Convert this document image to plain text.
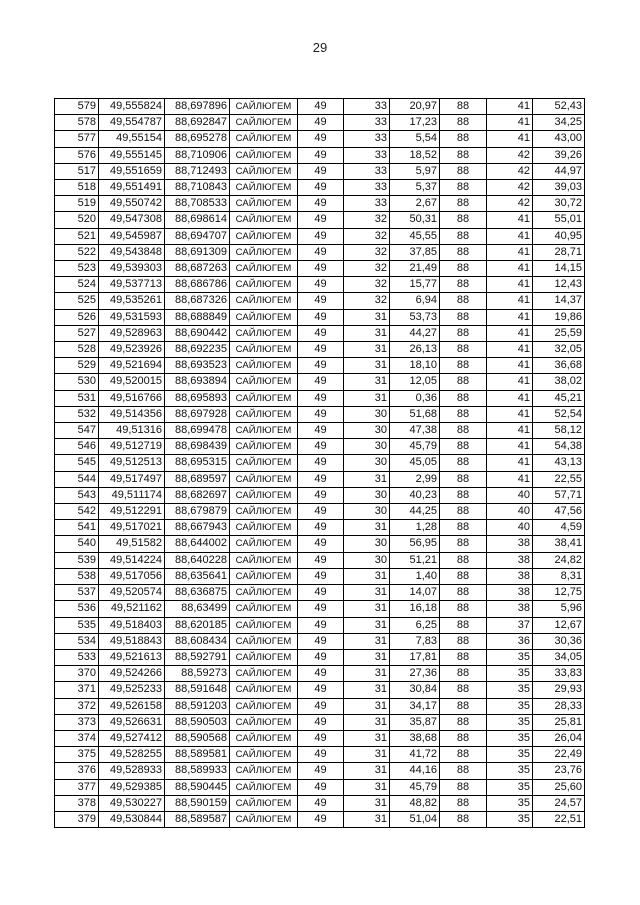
29
579	49,555824	88,697896	САЙЛЮГЕМ	49	33	20,97	88	41	52,43
578	49,554787	88,692847	САЙЛЮГЕМ	49	33	17,23	88	41	34,25
577	49,55154	88,695278	САЙЛЮГЕМ	49	33	5,54	88	41	43,00
576	49,555145	88,710906	САЙЛЮГЕМ	49	33	18,52	88	42	39,26
517	49,551659	88,712493	САЙЛЮГЕМ	49	33	5,97	88	42	44,97
518	49,551491	88,710843	САЙЛЮГЕМ	49	33	5,37	88	42	39,03
519	49,550742	88,708533	САЙЛЮГЕМ	49	33	2,67	88	42	30,72
520	49,547308	88,698614	САЙЛЮГЕМ	49	32	50,31	88	41	55,01
521	49,545987	88,694707	САЙЛЮГЕМ	49	32	45,55	88	41	40,95
522	49,543848	88,691309	САЙЛЮГЕМ	49	32	37,85	88	41	28,71
523	49,539303	88,687263	САЙЛЮГЕМ	49	32	21,49	88	41	14,15
524	49,537713	88,686786	САЙЛЮГЕМ	49	32	15,77	88	41	12,43
525	49,535261	88,687326	САЙЛЮГЕМ	49	32	6,94	88	41	14,37
526	49,531593	88,688849	САЙЛЮГЕМ	49	31	53,73	88	41	19,86
527	49,528963	88,690442	САЙЛЮГЕМ	49	31	44,27	88	41	25,59
528	49,523926	88,692235	САЙЛЮГЕМ	49	31	26,13	88	41	32,05
529	49,521694	88,693523	САЙЛЮГЕМ	49	31	18,10	88	41	36,68
530	49,520015	88,693894	САЙЛЮГЕМ	49	31	12,05	88	41	38,02
531	49,516766	88,695893	САЙЛЮГЕМ	49	31	0,36	88	41	45,21
532	49,514356	88,697928	САЙЛЮГЕМ	49	30	51,68	88	41	52,54
547	49,51316	88,699478	САЙЛЮГЕМ	49	30	47,38	88	41	58,12
546	49,512719	88,698439	САЙЛЮГЕМ	49	30	45,79	88	41	54,38
545	49,512513	88,695315	САЙЛЮГЕМ	49	30	45,05	88	41	43,13
544	49,517497	88,689597	САЙЛЮГЕМ	49	31	2,99	88	41	22,55
543	49,511174	88,682697	САЙЛЮГЕМ	49	30	40,23	88	40	57,71
542	49,512291	88,679879	САЙЛЮГЕМ	49	30	44,25	88	40	47,56
541	49,517021	88,667943	САЙЛЮГЕМ	49	31	1,28	88	40	4,59
540	49,51582	88,644002	САЙЛЮГЕМ	49	30	56,95	88	38	38,41
539	49,514224	88,640228	САЙЛЮГЕМ	49	30	51,21	88	38	24,82
538	49,517056	88,635641	САЙЛЮГЕМ	49	31	1,40	88	38	8,31
537	49,520574	88,636875	САЙЛЮГЕМ	49	31	14,07	88	38	12,75
536	49,521162	88,63499	САЙЛЮГЕМ	49	31	16,18	88	38	5,96
535	49,518403	88,620185	САЙЛЮГЕМ	49	31	6,25	88	37	12,67
534	49,518843	88,608434	САЙЛЮГЕМ	49	31	7,83	88	36	30,36
533	49,521613	88,592791	САЙЛЮГЕМ	49	31	17,81	88	35	34,05
370	49,524266	88,59273	САЙЛЮГЕМ	49	31	27,36	88	35	33,83
371	49,525233	88,591648	САЙЛЮГЕМ	49	31	30,84	88	35	29,93
372	49,526158	88,591203	САЙЛЮГЕМ	49	31	34,17	88	35	28,33
373	49,526631	88,590503	САЙЛЮГЕМ	49	31	35,87	88	35	25,81
374	49,527412	88,590568	САЙЛЮГЕМ	49	31	38,68	88	35	26,04
375	49,528255	88,589581	САЙЛЮГЕМ	49	31	41,72	88	35	22,49
376	49,528933	88,589933	САЙЛЮГЕМ	49	31	44,16	88	35	23,76
377	49,529385	88,590445	САЙЛЮГЕМ	49	31	45,79	88	35	25,60
378	49,530227	88,590159	САЙЛЮГЕМ	49	31	48,82	88	35	24,57
379	49,530844	88,589587	САЙЛЮГЕМ	49	31	51,04	88	35	22,51
